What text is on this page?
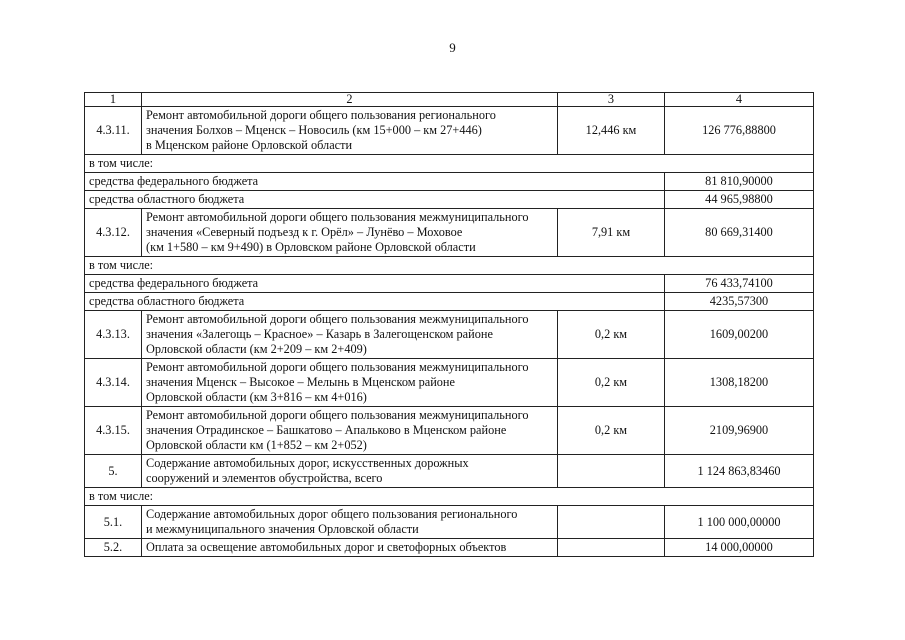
9
1	2	3	4
4.3.11.	Ремонт автомобильной дороги общего пользования регионального
значения Болхов – Мценск – Новосиль (км 15+000 – км 27+446)
в Мценском районе Орловской области	12,446 км	126 776,88800
в том числе:			
средства федерального бюджета			81 810,90000
средства областного бюджета			44 965,98800
4.3.12.	Ремонт автомобильной дороги общего пользования межмуниципального
значения «Северный подъезд к г. Орёл» – Лунёво – Моховое
(км 1+580 – км 9+490) в Орловском районе Орловской области	7,91 км	80 669,31400
в том числе:			
средства федерального бюджета			76 433,74100
средства областного бюджета			4235,57300
4.3.13.	Ремонт автомобильной дороги общего пользования межмуниципального
значения «Залегощь – Красное» – Казарь в Залегощенском районе
Орловской области (км 2+209 – км 2+409)	0,2 км	1609,00200
4.3.14.	Ремонт автомобильной дороги общего пользования межмуниципального
значения Мценск – Высокое – Мелынь в Мценском районе
Орловской области (км 3+816 – км 4+016)	0,2 км	1308,18200
4.3.15.	Ремонт автомобильной дороги общего пользования межмуниципального
значения Отрадинское – Башкатово – Апальково в Мценском районе
Орловской области км (1+852 – км 2+052)	0,2 км	2109,96900
5.	Содержание автомобильных дорог, искусственных дорожных
сооружений и элементов обустройства, всего		1 124 863,83460
в том числе:			
5.1.	Содержание автомобильных дорог общего пользования регионального
и межмуниципального значения Орловской области		1 100 000,00000
5.2.	Оплата за освещение автомобильных дорог и светофорных объектов		14 000,00000
